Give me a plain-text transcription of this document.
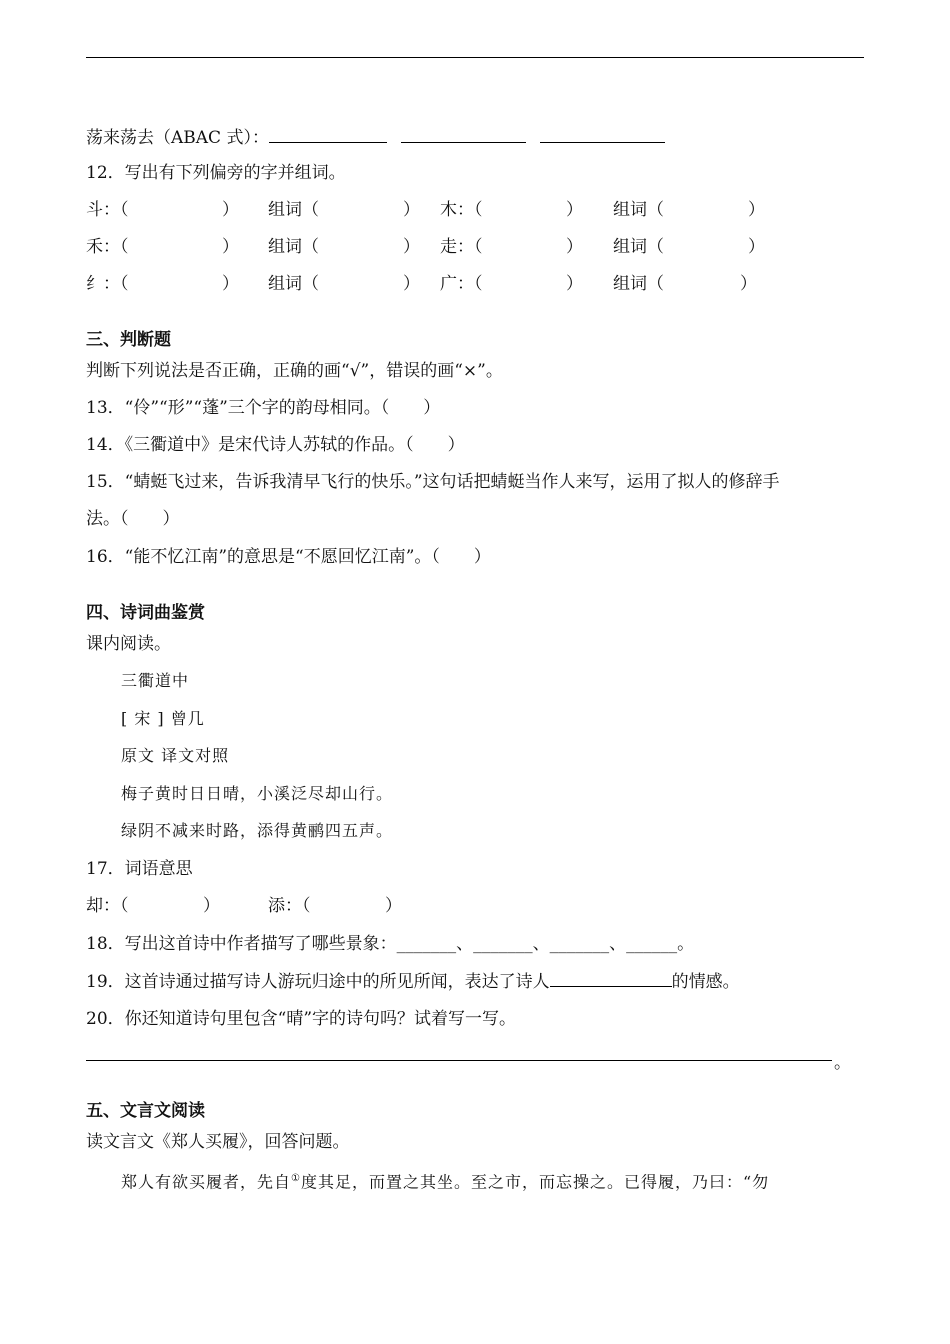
荡来荡去（ABAC 式）：
12．写出有下列偏旁的字并组词。
斗：（	） 组词（	） 木：（	） 组词（	）
禾：（	） 组词（	） 走：（	） 组词（	）
纟：（	） 组词（	） 广：（	） 组词（	）
三、判断题
判断下列说法是否正确，正确的画“√”，错误的画“×”。
13．“伶”“形”“蓬”三个字的韵母相同。（　　）
14．《三衢道中》是宋代诗人苏轼的作品。（　　）
15．“蜻蜓飞过来，告诉我清早飞行的快乐。”这句话把蜻蜓当作人来写，运用了拟人的修辞手
法。（　　）
16．“能不忆江南”的意思是“不愿回忆江南”。（　　）
四、诗词曲鉴赏
课内阅读。
三衢道中
[ 宋 ] 曾几
原文 译文对照
梅子黄时日日晴，小溪泛尽却山行。
绿阴不减来时路，添得黄鹂四五声。
17．词语意思
却：（	）	添：（	）
18．写出这首诗中作者描写了哪些景象：_______、_______、_______、______。
19．这首诗通过描写诗人游玩归途中的所见所闻，表达了诗人	的情感。
20．你还知道诗句里包含“晴”字的诗句吗？试着写一写。
。
五、文言文阅读
读文言文《郑人买履》，回答问题。
郑人有欲买履者，先自①度其足，而置之其坐。至之市，而忘操之。已得履，乃曰：“勿
